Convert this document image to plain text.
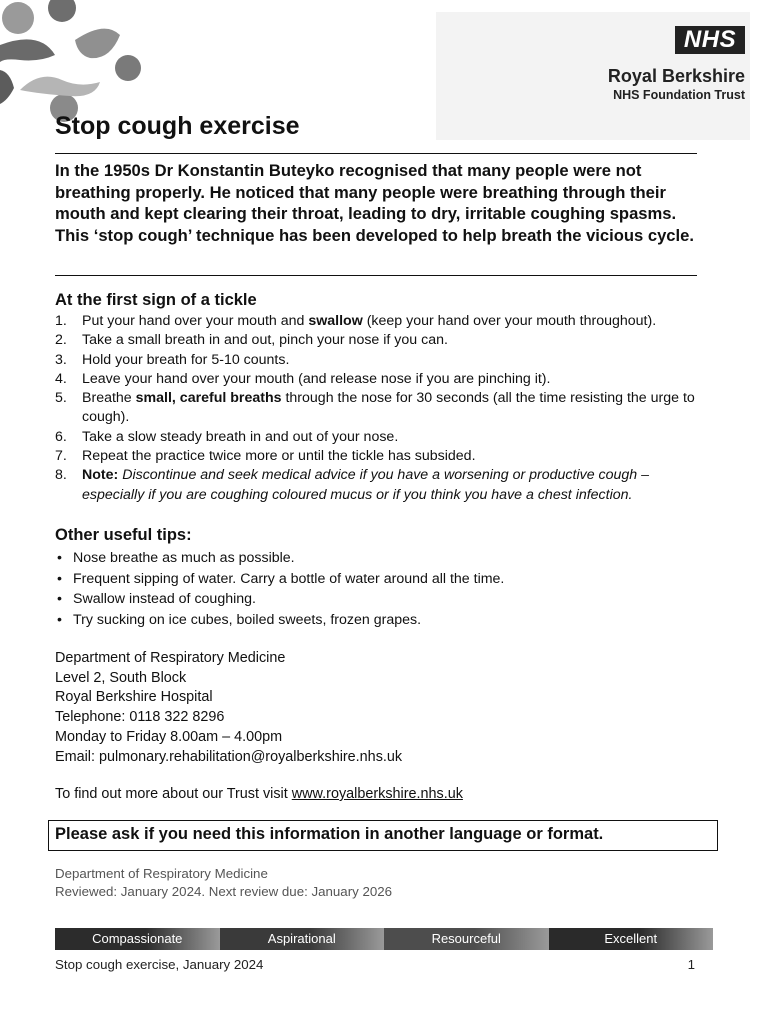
NHS
Royal Berkshire
NHS Foundation Trust
Stop cough exercise

In the 1950s Dr Konstantin Buteyko recognised that many people were not breathing properly. He noticed that many people were breathing through their mouth and kept clearing their throat, leading to dry, irritable coughing spasms. This ‘stop cough’ technique has been developed to help breath the vicious cycle.

At the first sign of a tickle
1. Put your hand over your mouth and swallow (keep your hand over your mouth throughout).
2. Take a small breath in and out, pinch your nose if you can.
3. Hold your breath for 5-10 counts.
4. Leave your hand over your mouth (and release nose if you are pinching it).
5. Breathe small, careful breaths through the nose for 30 seconds (all the time resisting the urge to cough).
6. Take a slow steady breath in and out of your nose.
7. Repeat the practice twice more or until the tickle has subsided.
8. Note: Discontinue and seek medical advice if you have a worsening or productive cough – especially if you are coughing coloured mucus or if you think you have a chest infection.
Other useful tips:
• Nose breathe as much as possible.
• Frequent sipping of water. Carry a bottle of water around all the time.
• Swallow instead of coughing.
• Try sucking on ice cubes, boiled sweets, frozen grapes.
Department of Respiratory Medicine
Level 2, South Block
Royal Berkshire Hospital
Telephone: 0118 322 8296
Monday to Friday 8.00am – 4.00pm
Email: pulmonary.rehabilitation@royalberkshire.nhs.uk
To find out more about our Trust visit www.royalberkshire.nhs.uk
Please ask if you need this information in another language or format.
Department of Respiratory Medicine
Reviewed: January 2024. Next review due: January 2026
Compassionate	Aspirational	Resourceful	Excellent
Stop cough exercise, January 2024	1
